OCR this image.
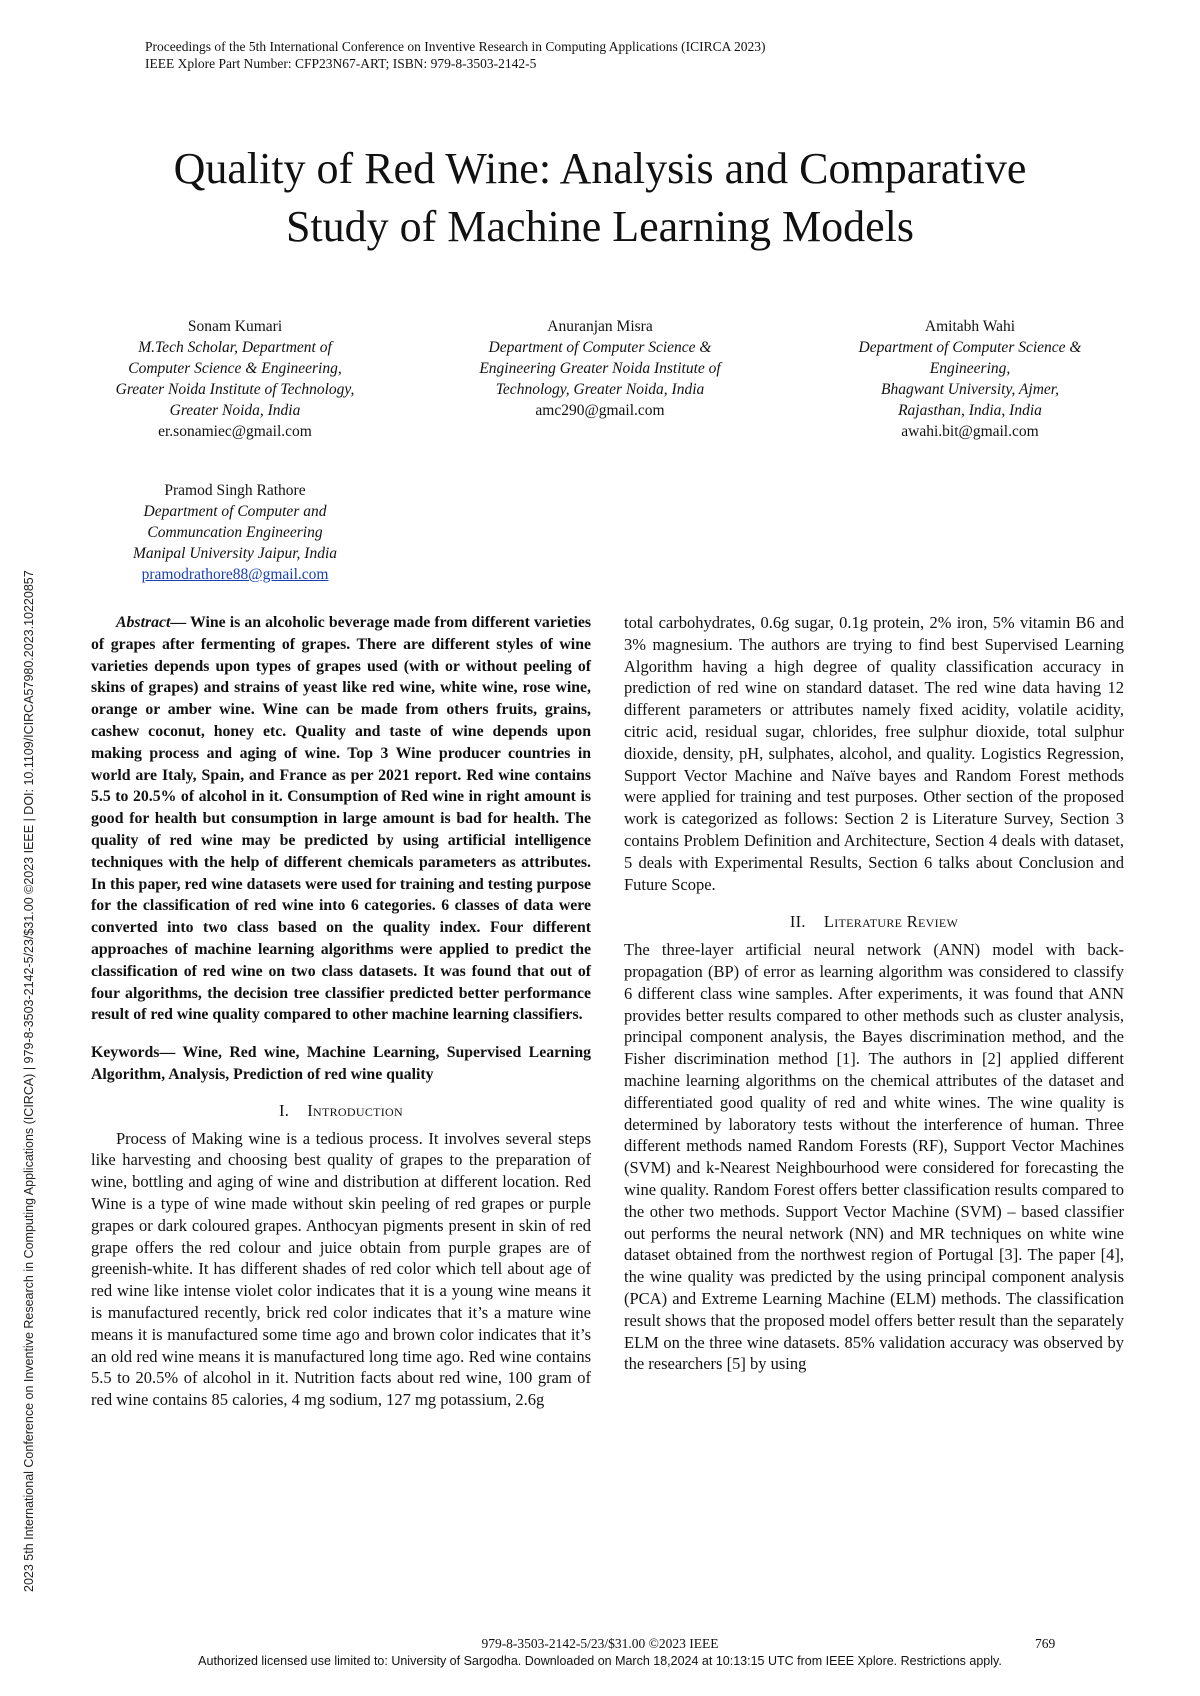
Proceedings of the 5th International Conference on Inventive Research in Computing Applications (ICIRCA 2023)
IEEE Xplore Part Number: CFP23N67-ART; ISBN: 979-8-3503-2142-5
Quality of Red Wine: Analysis and Comparative
Study of Machine Learning Models
Sonam Kumari
M.Tech Scholar, Department of
Computer Science & Engineering,
Greater Noida Institute of Technology,
Greater Noida, India
er.sonamiec@gmail.com
Anuranjan Misra
Department of Computer Science &
Engineering Greater Noida Institute of
Technology, Greater Noida, India
amc290@gmail.com
Amitabh Wahi
Department of Computer Science &
Engineering,
Bhagwant University, Ajmer,
Rajasthan, India, India
awahi.bit@gmail.com
Pramod Singh Rathore
Department of Computer and
Communcation Engineering
Manipal University Jaipur, India
pramodrathore88@gmail.com
2023 5th International Conference on Inventive Research in Computing Applications (ICIRCA) | 979-8-3503-2142-5/23/$31.00 ©2023 IEEE | DOI: 10.1109/ICIRCA57980.2023.10220857	Abstract— Wine is an alcoholic beverage made from different varieties of grapes after fermenting of grapes. There are different styles of wine varieties depends upon types of grapes used (with or without peeling of skins of grapes) and strains of yeast like red wine, white wine, rose wine, orange or amber wine. Wine can be made from others fruits, grains, cashew coconut, honey etc. Quality and taste of wine depends upon making process and aging of wine. Top 3 Wine producer countries in world are Italy, Spain, and France as per 2021 report. Red wine contains 5.5 to 20.5% of alcohol in it. Consumption of Red wine in right amount is good for health but consumption in large amount is bad for health. The quality of red wine may be predicted by using artificial intelligence techniques with the help of different chemicals parameters as attributes. In this paper, red wine datasets were used for training and testing purpose for the classification of red wine into 6 categories. 6 classes of data were converted into two class based on the quality index. Four different approaches of machine learning algorithms were applied to predict the classification of red wine on two class datasets. It was found that out of four algorithms, the decision tree classifier predicted better performance result of red wine quality compared to other machine learning classifiers.

Keywords— Wine, Red wine, Machine Learning, Supervised Learning Algorithm, Analysis, Prediction of red wine quality

I. Introduction

Process of Making wine is a tedious process. It involves several steps like harvesting and choosing best quality of grapes to the preparation of wine, bottling and aging of wine and distribution at different location. Red Wine is a type of wine made without skin peeling of red grapes or purple grapes or dark coloured grapes. Anthocyan pigments present in skin of red grape offers the red colour and juice obtain from purple grapes are of greenish-white. It has different shades of red color which tell about age of red wine like intense violet color indicates that it is a young wine means it is manufactured recently, brick red color indicates that it’s a mature wine means it is manufactured some time ago and brown color indicates that it’s an old red wine means it is manufactured long time ago. Red wine contains 5.5 to 20.5% of alcohol in it. Nutrition facts about red wine, 100 gram of red wine contains 85 calories, 4 mg sodium, 127 mg potassium, 2.6g

total carbohydrates, 0.6g sugar, 0.1g protein, 2% iron, 5% vitamin B6 and 3% magnesium. The authors are trying to find best Supervised Learning Algorithm having a high degree of quality classification accuracy in prediction of red wine on standard dataset. The red wine data having 12 different parameters or attributes namely fixed acidity, volatile acidity, citric acid, residual sugar, chlorides, free sulphur dioxide, total sulphur dioxide, density, pH, sulphates, alcohol, and quality. Logistics Regression, Support Vector Machine and Naïve bayes and Random Forest methods were applied for training and test purposes. Other section of the proposed work is categorized as follows: Section 2 is Literature Survey, Section 3 contains Problem Definition and Architecture, Section 4 deals with dataset, 5 deals with Experimental Results, Section 6 talks about Conclusion and Future Scope.

II. Literature Review

The three-layer artificial neural network (ANN) model with back-propagation (BP) of error as learning algorithm was considered to classify 6 different class wine samples. After experiments, it was found that ANN provides better results compared to other methods such as cluster analysis, principal component analysis, the Bayes discrimination method, and the Fisher discrimination method [1]. The authors in [2] applied different machine learning algorithms on the chemical attributes of the dataset and differentiated good quality of red and white wines. The wine quality is determined by laboratory tests without the interference of human. Three different methods named Random Forests (RF), Support Vector Machines (SVM) and k-Nearest Neighbourhood were considered for forecasting the wine quality. Random Forest offers better classification results compared to the other two methods. Support Vector Machine (SVM) – based classifier out performs the neural network (NN) and MR techniques on white wine dataset obtained from the northwest region of Portugal [3]. The paper [4], the wine quality was predicted by the using principal component analysis (PCA) and Extreme Learning Machine (ELM) methods. The classification result shows that the proposed model offers better result than the separately ELM on the three wine datasets. 85% validation accuracy was observed by the researchers [5] by using

979-8-3503-2142-5/23/$31.00 ©2023 IEEE	769
Authorized licensed use limited to: University of Sargodha. Downloaded on March 18,2024 at 10:13:15 UTC from IEEE Xplore. Restrictions apply.
